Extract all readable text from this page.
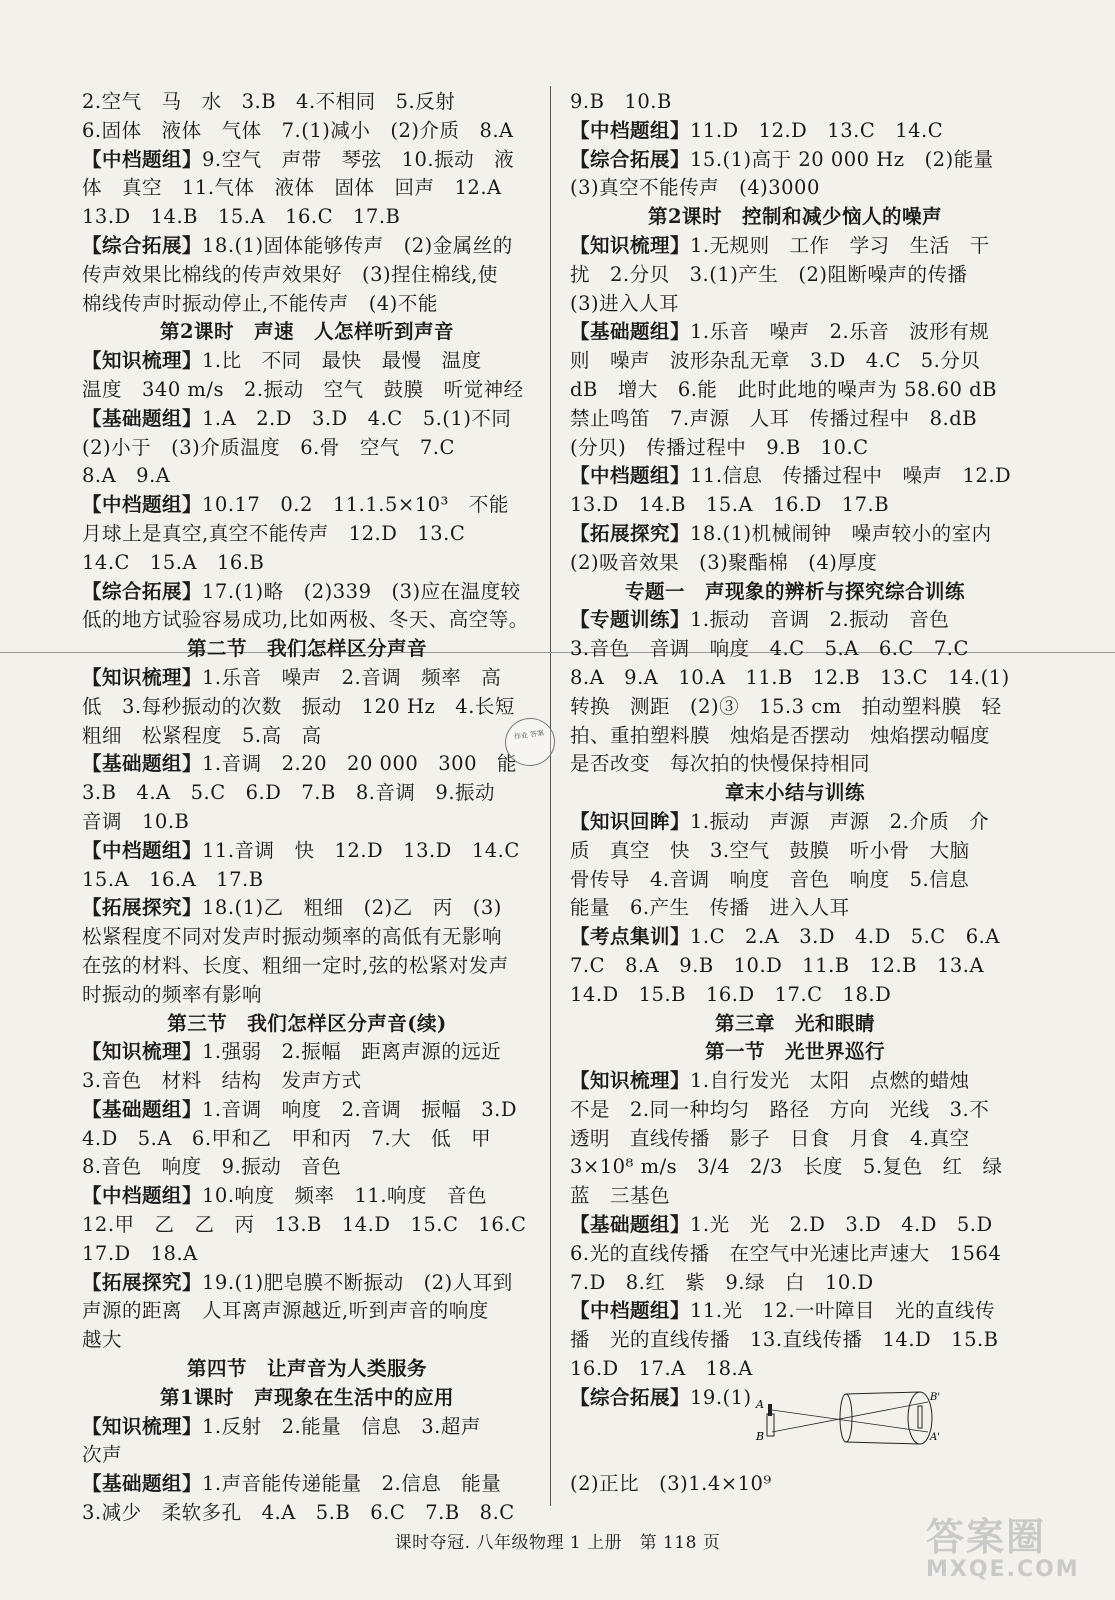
2.空气　马　水　3.B　4.不相同　5.反射
6.固体　液体　气体　7.(1)减小　(2)介质　8.A
【中档题组】9.空气　声带　琴弦　10.振动　液
体　真空　11.气体　液体　固体　回声　12.A
13.D　14.B　15.A　16.C　17.B
【综合拓展】18.(1)固体能够传声　(2)金属丝的
传声效果比棉线的传声效果好　(3)捏住棉线,使
棉线传声时振动停止,不能传声　(4)不能
第2课时　声速　人怎样听到声音
【知识梳理】1.比　不同　最快　最慢　温度
温度　340 m/s　2.振动　空气　鼓膜　听觉神经
【基础题组】1.A　2.D　3.D　4.C　5.(1)不同
(2)小于　(3)介质温度　6.骨　空气　7.C
8.A　9.A
【中档题组】10.17　0.2　11.1.5×10³　不能
月球上是真空,真空不能传声　12.D　13.C
14.C　15.A　16.B
【综合拓展】17.(1)略　(2)339　(3)应在温度较
低的地方试验容易成功,比如两极、冬天、高空等。
第二节　我们怎样区分声音
【知识梳理】1.乐音　噪声　2.音调　频率　高
低　3.每秒振动的次数　振动　120 Hz　4.长短
粗细　松紧程度　5.高　高
【基础题组】1.音调　2.20　20 000　300　能
3.B　4.A　5.C　6.D　7.B　8.音调　9.振动
音调　10.B
【中档题组】11.音调　快　12.D　13.D　14.C
15.A　16.A　17.B
【拓展探究】18.(1)乙　粗细　(2)乙　丙　(3)
松紧程度不同对发声时振动频率的高低有无影响
在弦的材料、长度、粗细一定时,弦的松紧对发声
时振动的频率有影响
第三节　我们怎样区分声音(续)
【知识梳理】1.强弱　2.振幅　距离声源的远近
3.音色　材料　结构　发声方式
【基础题组】1.音调　响度　2.音调　振幅　3.D
4.D　5.A　6.甲和乙　甲和丙　7.大　低　甲
8.音色　响度　9.振动　音色
【中档题组】10.响度　频率　11.响度　音色
12.甲　乙　乙　丙　13.B　14.D　15.C　16.C
17.D　18.A
【拓展探究】19.(1)肥皂膜不断振动　(2)人耳到
声源的距离　人耳离声源越近,听到声音的响度
越大
第四节　让声音为人类服务
第1课时　声现象在生活中的应用
【知识梳理】1.反射　2.能量　信息　3.超声
次声
【基础题组】1.声音能传递能量　2.信息　能量
3.减少　柔软多孔　4.A　5.B　6.C　7.B　8.C
9.B　10.B
【中档题组】11.D　12.D　13.C　14.C
【综合拓展】15.(1)高于 20 000 Hz　(2)能量
(3)真空不能传声　(4)3000
第2课时　控制和减少恼人的噪声
【知识梳理】1.无规则　工作　学习　生活　干
扰　2.分贝　3.(1)产生　(2)阻断噪声的传播
(3)进入人耳
【基础题组】1.乐音　噪声　2.乐音　波形有规
则　噪声　波形杂乱无章　3.D　4.C　5.分贝
dB　增大　6.能　此时此地的噪声为 58.60 dB
禁止鸣笛　7.声源　人耳　传播过程中　8.dB
(分贝)　传播过程中　9.B　10.C
【中档题组】11.信息　传播过程中　噪声　12.D
13.D　14.B　15.A　16.D　17.B
【拓展探究】18.(1)机械闹钟　噪声较小的室内
(2)吸音效果　(3)聚酯棉　(4)厚度
专题一　声现象的辨析与探究综合训练
【专题训练】1.振动　音调　2.振动　音色
3.音色　音调　响度　4.C　5.A　6.C　7.C
8.A　9.A　10.A　11.B　12.B　13.C　14.(1)
转换　测距　(2)③　15.3 cm　拍动塑料膜　轻
拍、重拍塑料膜　烛焰是否摆动　烛焰摆动幅度
是否改变　每次拍的快慢保持相同
章末小结与训练
【知识回眸】1.振动　声源　声源　2.介质　介
质　真空　快　3.空气　鼓膜　听小骨　大脑
骨传导　4.音调　响度　音色　响度　5.信息
能量　6.产生　传播　进入人耳
【考点集训】1.C　2.A　3.D　4.D　5.C　6.A
7.C　8.A　9.B　10.D　11.B　12.B　13.A
14.D　15.B　16.D　17.C　18.D
第三章　光和眼睛
第一节　光世界巡行
【知识梳理】1.自行发光　太阳　点燃的蜡烛
不是　2.同一种均匀　路径　方向　光线　3.不
透明　直线传播　影子　日食　月食　4.真空
3×10⁸ m/s　3/4　2/3　长度　5.复色　红　绿
蓝　三基色
【基础题组】1.光　光　2.D　3.D　4.D　5.D
6.光的直线传播　在空气中光速比声速大　1564
7.D　8.红　紫　9.绿　白　10.D
【中档题组】11.光　12.一叶障目　光的直线传
播　光的直线传播　13.直线传播　14.D　15.B
16.D　17.A　18.A
【综合拓展】19.(1)
(2)正比　(3)1.4×10⁹
作业 答案
A
B
B'
A'
课时夺冠. 八年级物理 1 上册　第 118 页	答案圈
MXQE.COM
